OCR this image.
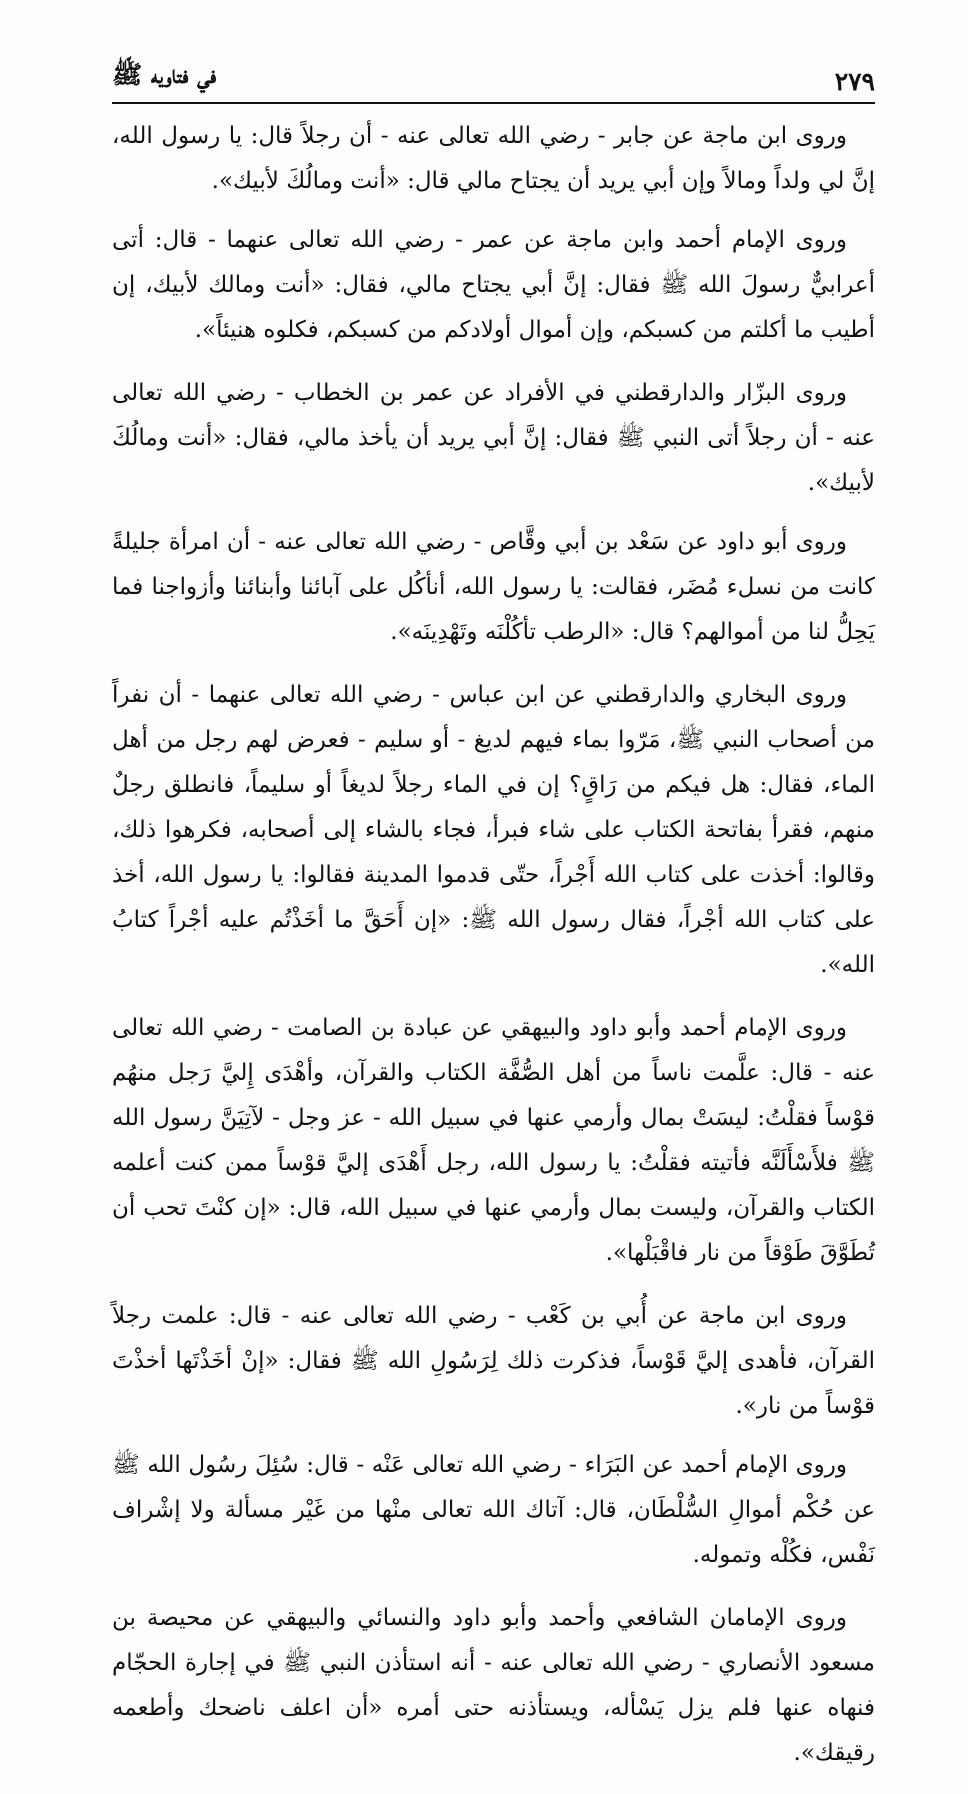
في فتاويه ﷺ	٢٧٩

وروى ابن ماجة عن جابر - رضي الله تعالى عنه - أن رجلاً قال: يا رسول الله، إنَّ لي ولداً ومالاً وإن أبي يريد أن يجتاح مالي قال: «أنت ومالُكَ لأبيك».

وروى الإمام أحمد وابن ماجة عن عمر - رضي الله تعالى عنهما - قال: أتى أعرابيٌّ رسولَ الله ﷺ فقال: إنَّ أبي يجتاح مالي، فقال: «أنت ومالك لأبيك، إن أطيب ما أكلتم من كسبكم، وإن أموال أولادكم من كسبكم، فكلوه هنيئاً».

وروى البزّار والدارقطني في الأفراد عن عمر بن الخطاب - رضي الله تعالى عنه - أن رجلاً أتى النبي ﷺ فقال: إنَّ أبي يريد أن يأخذ مالي، فقال: «أنت ومالُكَ لأبيك».

وروى أبو داود عن سَعْد بن أبي وقَّاص - رضي الله تعالى عنه - أن امرأة جليلةً كانت من نسلء مُضَر، فقالت: يا رسول الله، أنأكُل على آبائنا وأبنائنا وأزواجنا فما يَحِلُّ لنا من أموالهم؟ قال: «الرطب تأكُلْنَه وتَهْدِينَه».

وروى البخاري والدارقطني عن ابن عباس - رضي الله تعالى عنهما - أن نفراً من أصحاب النبي ﷺ، مَرّوا بماء فيهم لديغ - أو سليم - فعرض لهم رجل من أهل الماء، فقال: هل فيكم من رَاقٍ؟ إن في الماء رجلاً لديغاً أو سليماً، فانطلق رجلٌ منهم، فقرأ بفاتحة الكتاب على شاء فبرأ، فجاء بالشاء إلى أصحابه، فكرهوا ذلك، وقالوا: أخذت على كتاب الله أَجْراً، حتّى قدموا المدينة فقالوا: يا رسول الله، أخذ على كتاب الله أجْراً، فقال رسول الله ﷺ: «إن أَحَقَّ ما أخَذْتُم عليه أجْراً كتابُ الله».

وروى الإمام أحمد وأبو داود والبيهقي عن عبادة بن الصامت - رضي الله تعالى عنه - قال: علَّمت ناساً من أهل الصُّفَّة الكتاب والقرآن، وأهْدَى إِليَّ رَجل منهُم قوْساً فقلْتُ: ليسَتْ بمال وأرمي عنها في سبيل الله - عز وجل - لآتِيَنَّ رسول الله ﷺ فلأَسْأَلَنَّه فأتيته فقلْتُ: يا رسول الله، رجل أَهْدَى إليَّ قوْساً ممن كنت أعلمه الكتاب والقرآن، وليست بمال وأرمي عنها في سبيل الله، قال: «إن كنْتَ تحب أن تُطَوَّقَ طَوْقاً من نار فاقْبَلْها».

وروى ابن ماجة عن أُبي بن كَعْب - رضي الله تعالى عنه - قال: علمت رجلاً القرآن، فأهدى إليَّ قَوْساً، فذكرت ذلك لِرَسُولِ الله ﷺ فقال: «إنْ أخَذْتَها أخذْتَ قوْساً من نار».

وروى الإمام أحمد عن البَرَاء - رضي الله تعالى عَنْه - قال: سُئِلَ رسُول الله ﷺ عن حُكْم أموالِ السُّلْطَان، قال: آتاك الله تعالى منْها من غَيْر مسألة ولا إشْراف نَفْس، فكُلْه وتموله.

وروى الإمامان الشافعي وأحمد وأبو داود والنسائي والبيهقي عن محيصة بن مسعود الأنصاري - رضي الله تعالى عنه - أنه استأذن النبي ﷺ في إجارة الحجّام فنهاه عنها فلم يزل يَسْأله، ويستأذنه حتى أمره «أن اعلف ناضحك وأطعمه رقيقك».
